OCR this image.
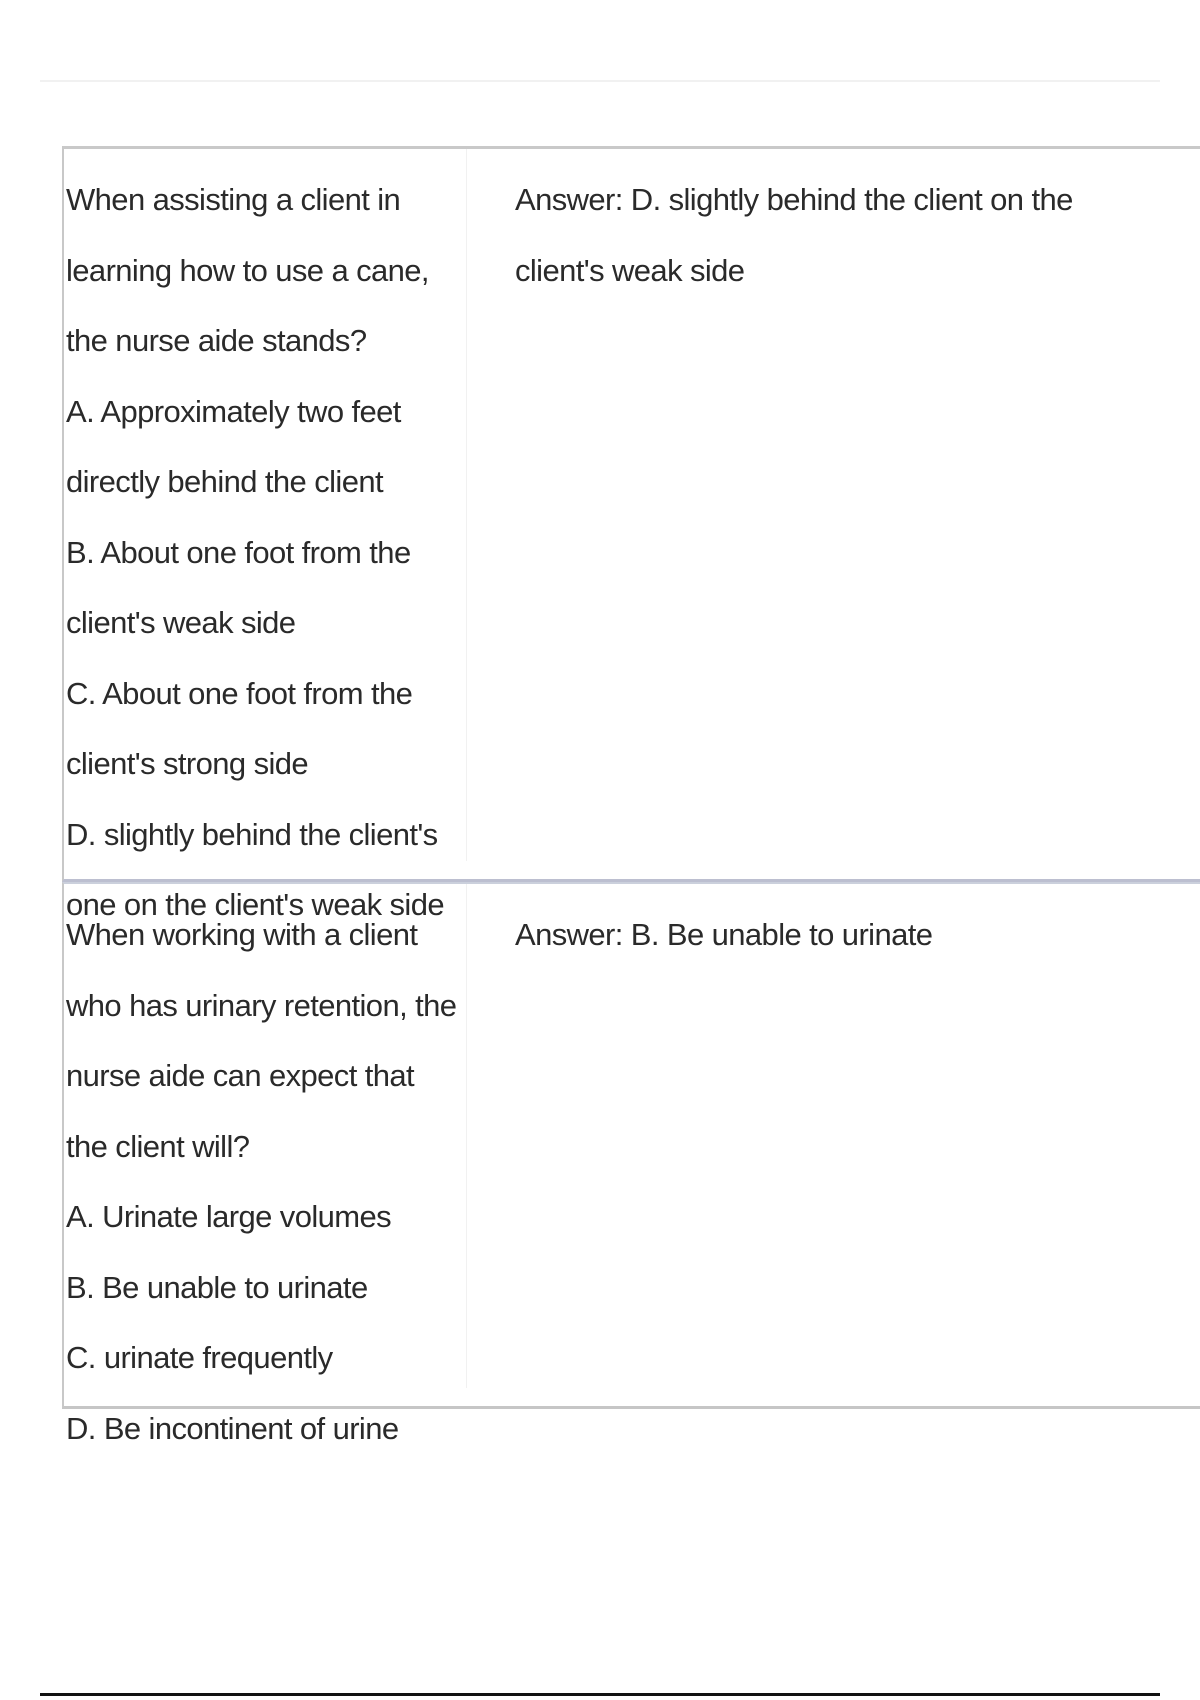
When assisting a client in learning how to use a cane, the nurse aide stands?

A. Approximately two feet directly behind the client
B. About one foot from the client's weak side
C. About one foot from the client's strong side
D. slightly behind the client's one on the client's weak side

Answer: D. slightly behind the client on the client's weak side

When working with a client who has urinary retention, the nurse aide can expect that the client will?

A. Urinate large volumes
B. Be unable to urinate
C. urinate frequently
D. Be incontinent of urine

Answer: B. Be unable to urinate
